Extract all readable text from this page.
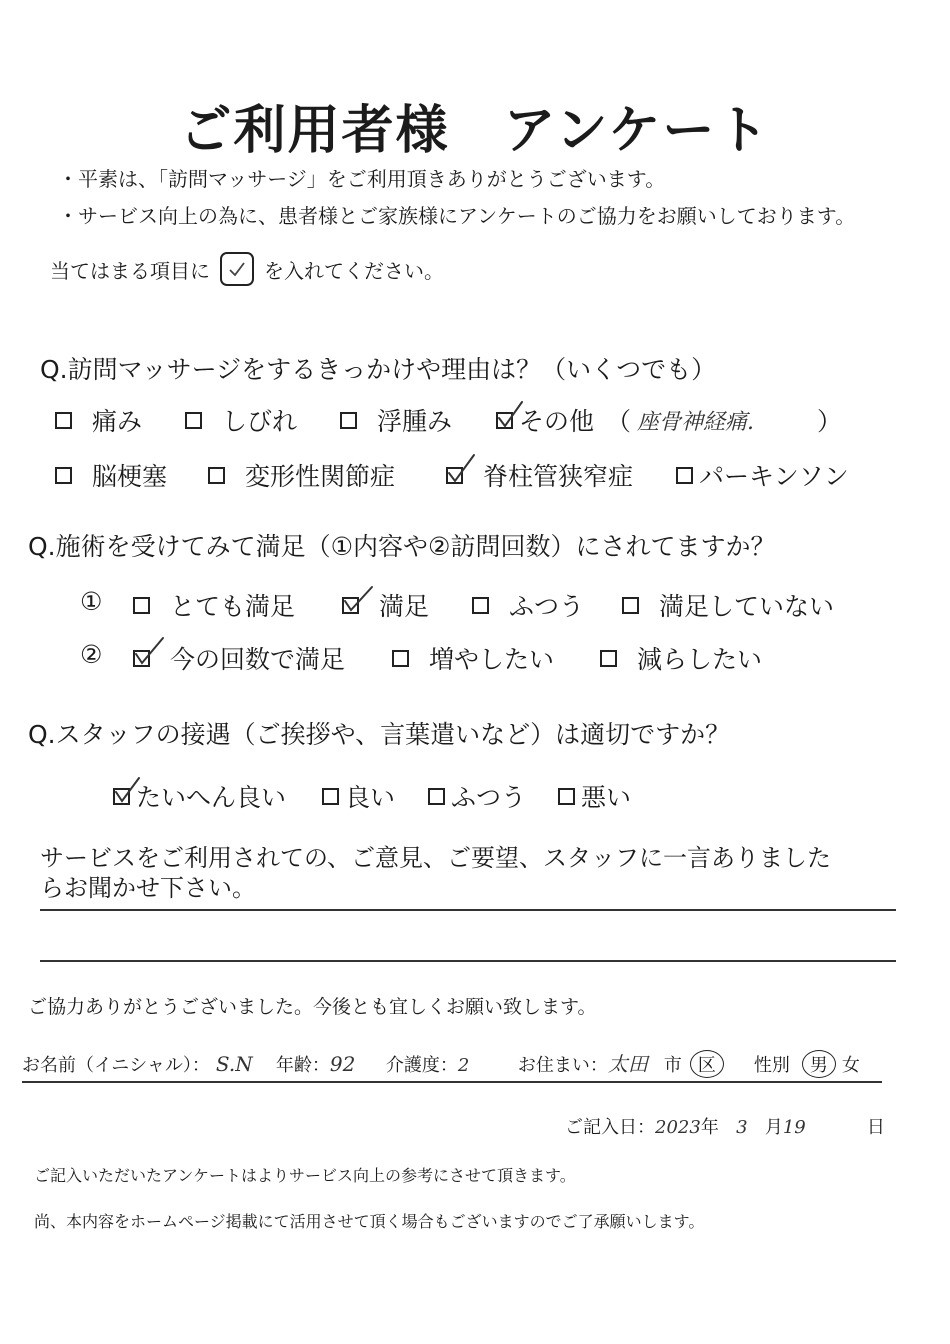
ご利用者様　アンケート
・平素は、「訪問マッサージ」をご利用頂きありがとうございます。
・サービス向上の為に、患者様とご家族様にアンケートのご協力をお願いしております。
当てはまる項目に	を入れてください。
Q.訪問マッサージをするきっかけや理由は？（いくつでも）
痛み	しびれ	浮腫み	その他 （ 座骨神経痛.	）
脳梗塞	変形性関節症	脊柱管狭窄症	パーキンソン
Q.施術を受けてみて満足（①内容や②訪問回数）にされてますか？
①	とても満足	満足	ふつう	満足していない
②	今の回数で満足	増やしたい	減らしたい
Q.スタッフの接遇（ご挨拶や、言葉遣いなど）は適切ですか？
たいへん良い 良い ふつう 悪い
サービスをご利用されての、ご意見、ご要望、スタッフに一言ありました
らお聞かせ下さい。
ご協力ありがとうございました。今後とも宜しくお願い致します。
お名前（イニシャル）： S.N	年齢： 92	介護度： 2	お住まい： 太田 市 区	性別	男 女
ご記入日： 2023 年 3 月 19	日
ご記入いただいたアンケートはよりサービス向上の参考にさせて頂きます。
尚、本内容をホームページ掲載にて活用させて頂く場合もございますのでご了承願いします。
